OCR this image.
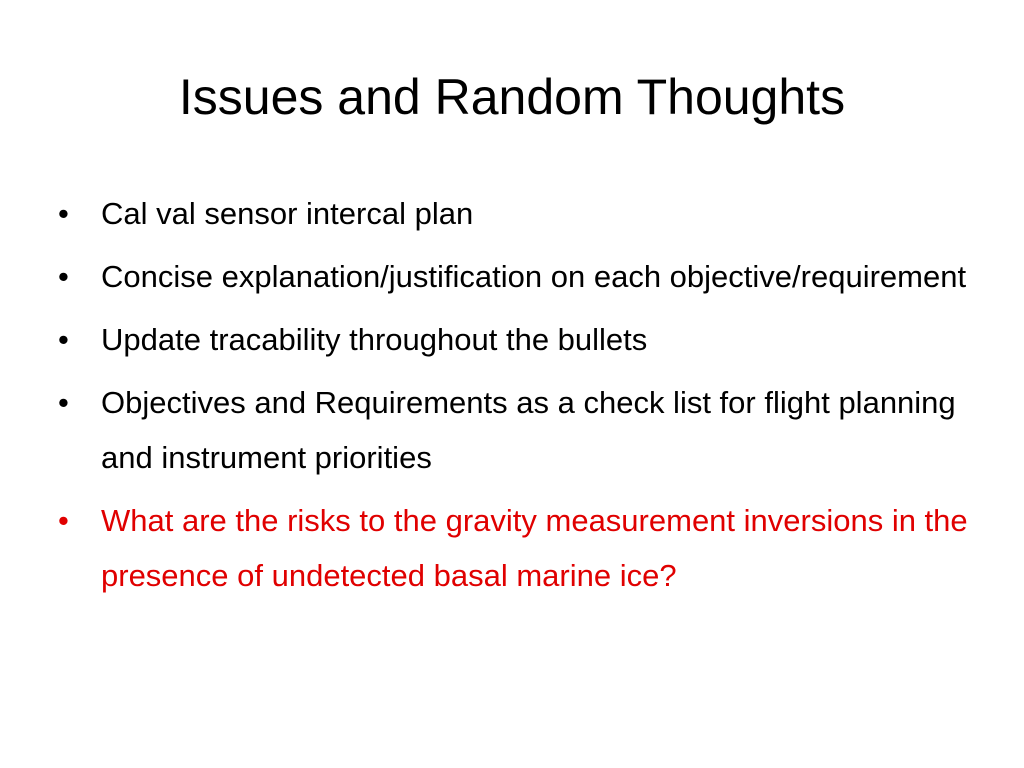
Issues and Random Thoughts
•	Cal val sensor intercal plan
•	Concise explanation/justification on each objective/requirement
•	Update tracability throughout the bullets
•	Objectives and Requirements as a check list for flight planning and instrument priorities
•	What are the risks to the gravity measurement inversions in the presence of undetected basal marine ice?
